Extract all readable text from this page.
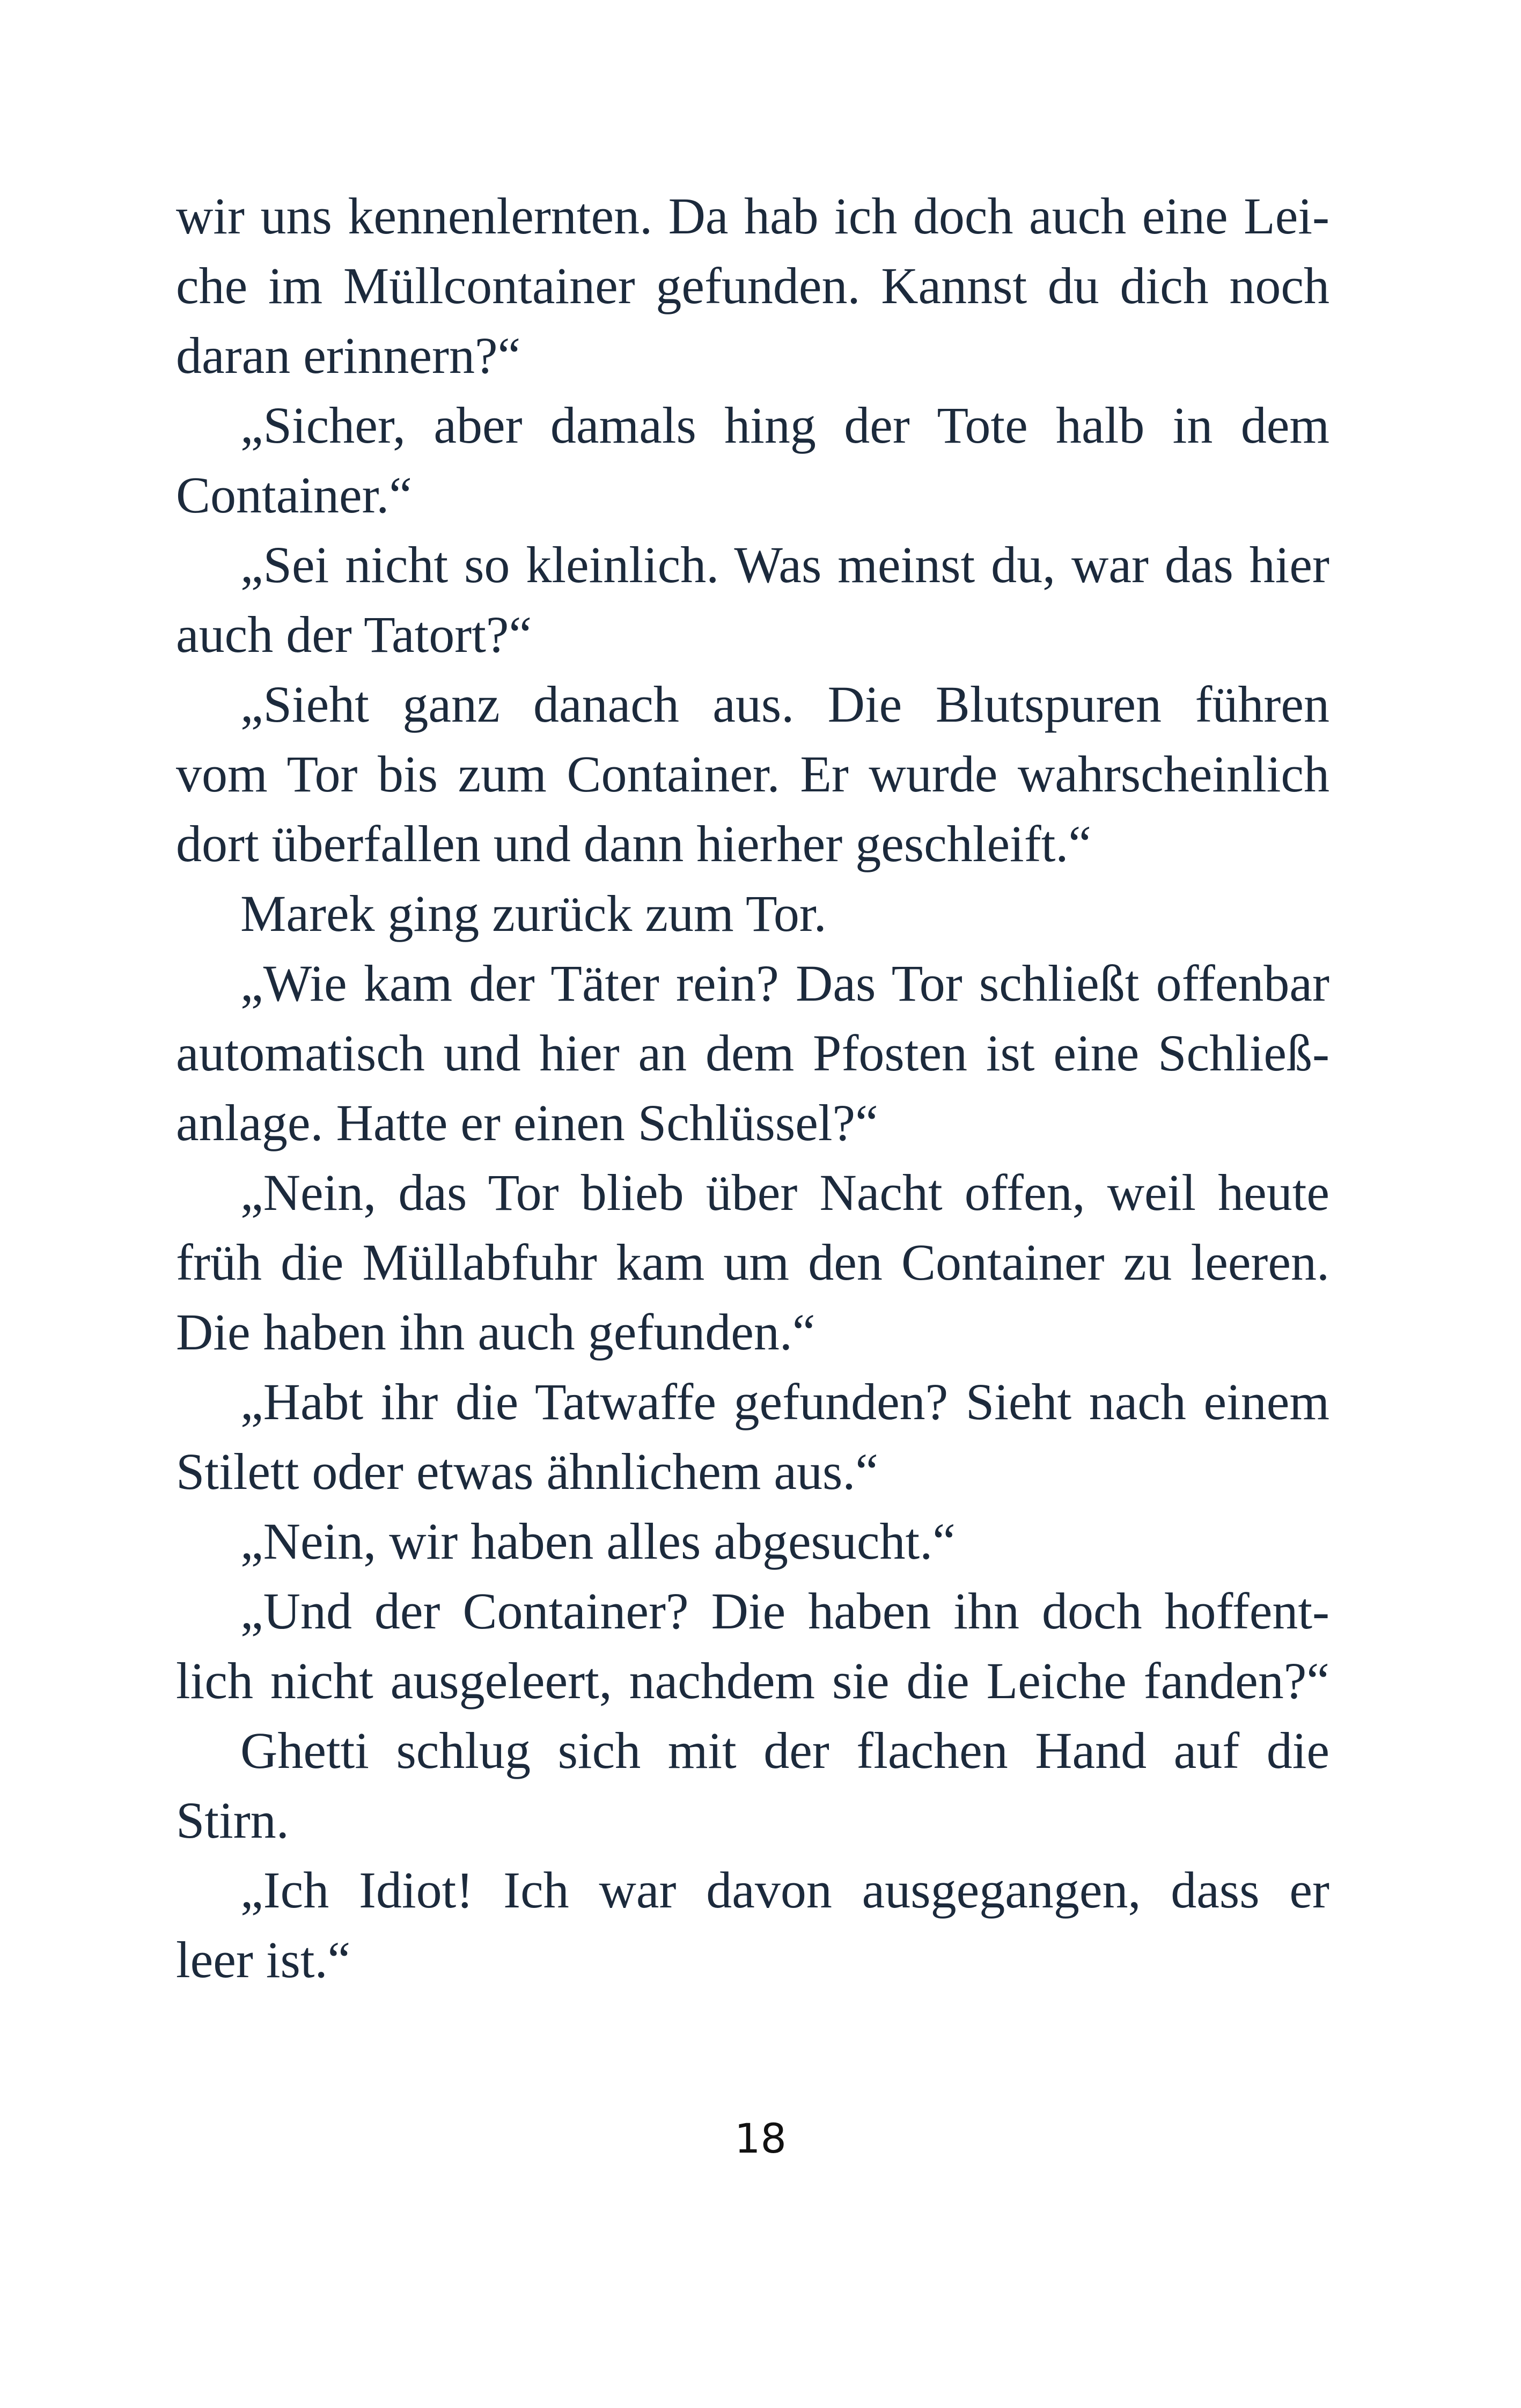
wir uns kennenlernten. Da hab ich doch auch eine Lei-
che im Müllcontainer gefunden. Kannst du dich noch
daran erinnern?“
„Sicher, aber damals hing der Tote halb in dem
Container.“
„Sei nicht so kleinlich. Was meinst du, war das hier
auch der Tatort?“
„Sieht ganz danach aus. Die Blutspuren führen
vom Tor bis zum Container. Er wurde wahrscheinlich
dort überfallen und dann hierher geschleift.“
Marek ging zurück zum Tor.
„Wie kam der Täter rein? Das Tor schließt offenbar
automatisch und hier an dem Pfosten ist eine Schließ-
anlage. Hatte er einen Schlüssel?“
„Nein, das Tor blieb über Nacht offen, weil heute
früh die Müllabfuhr kam um den Container zu leeren.
Die haben ihn auch gefunden.“
„Habt ihr die Tatwaffe gefunden? Sieht nach einem
Stilett oder etwas ähnlichem aus.“
„Nein, wir haben alles abgesucht.“
„Und der Container? Die haben ihn doch hoffent-
lich nicht ausgeleert, nachdem sie die Leiche fanden?“
Ghetti schlug sich mit der flachen Hand auf die
Stirn.
„Ich Idiot! Ich war davon ausgegangen, dass er
leer ist.“
18
